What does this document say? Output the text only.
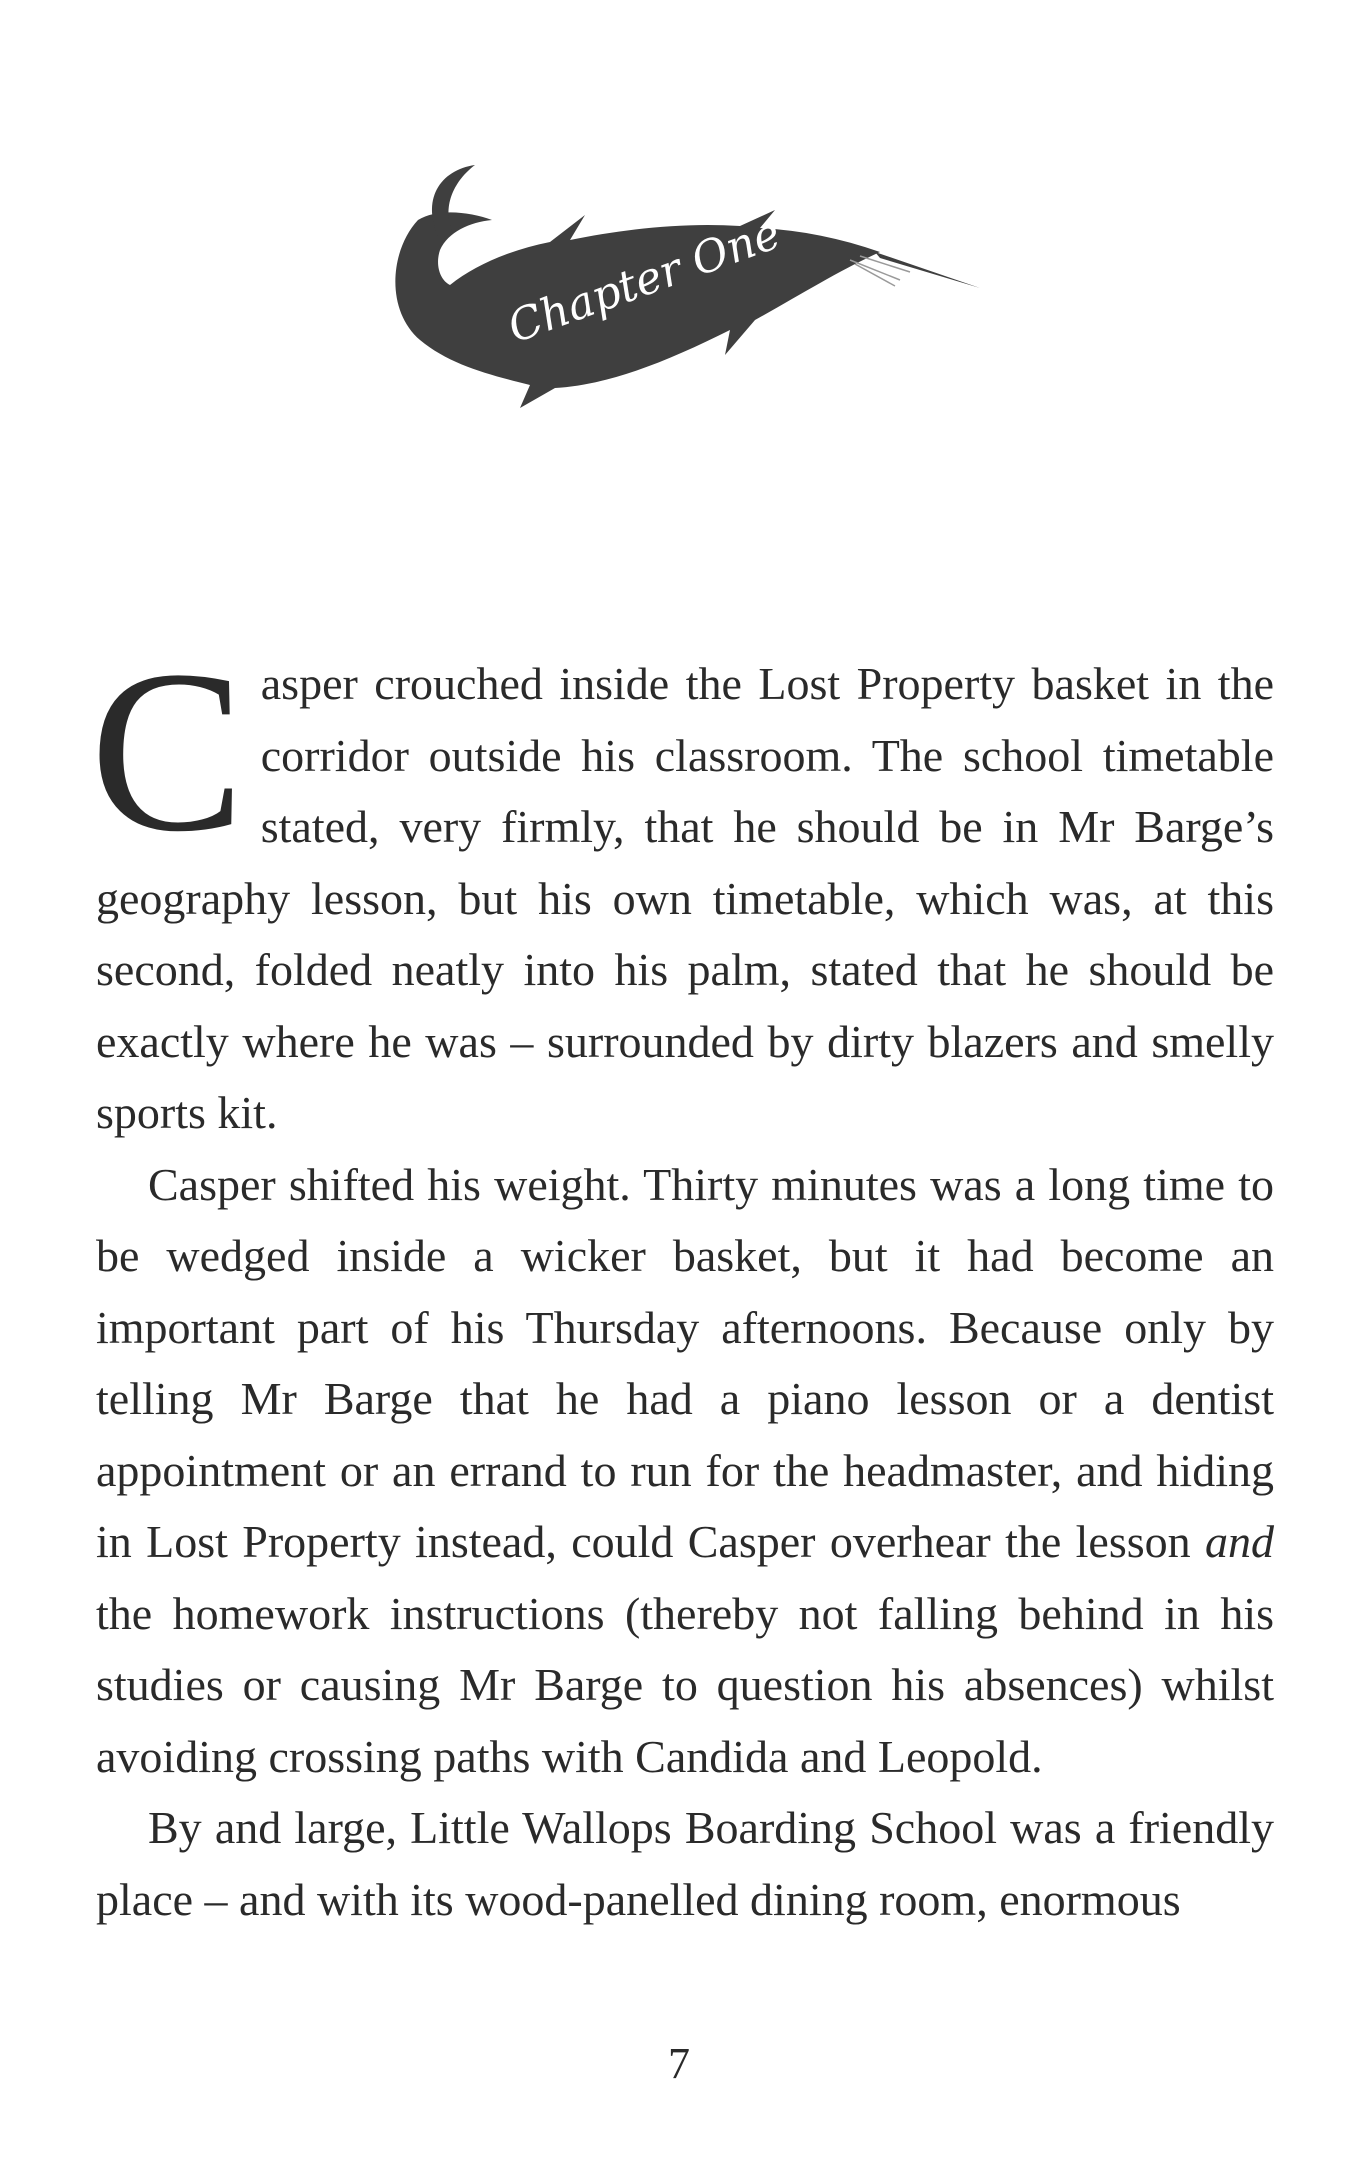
Chapter One

Casper crouched inside the Lost Property basket in the corridor outside his classroom. The school timetable stated, very firmly, that he should be in Mr Barge’s geography lesson, but his own timetable, which was, at this second, folded neatly into his palm, stated that he should be exactly where he was – surrounded by dirty blazers and smelly sports kit.

Casper shifted his weight. Thirty minutes was a long time to be wedged inside a wicker basket, but it had become an important part of his Thursday afternoons. Because only by telling Mr Barge that he had a piano lesson or a dentist appointment or an errand to run for the headmaster, and hiding in Lost Property instead, could Casper overhear the lesson and the homework instructions (thereby not falling behind in his studies or causing Mr Barge to question his absences) whilst avoiding crossing paths with Candida and Leopold.

By and large, Little Wallops Boarding School was a friendly place – and with its wood-panelled dining room, enormous

7
